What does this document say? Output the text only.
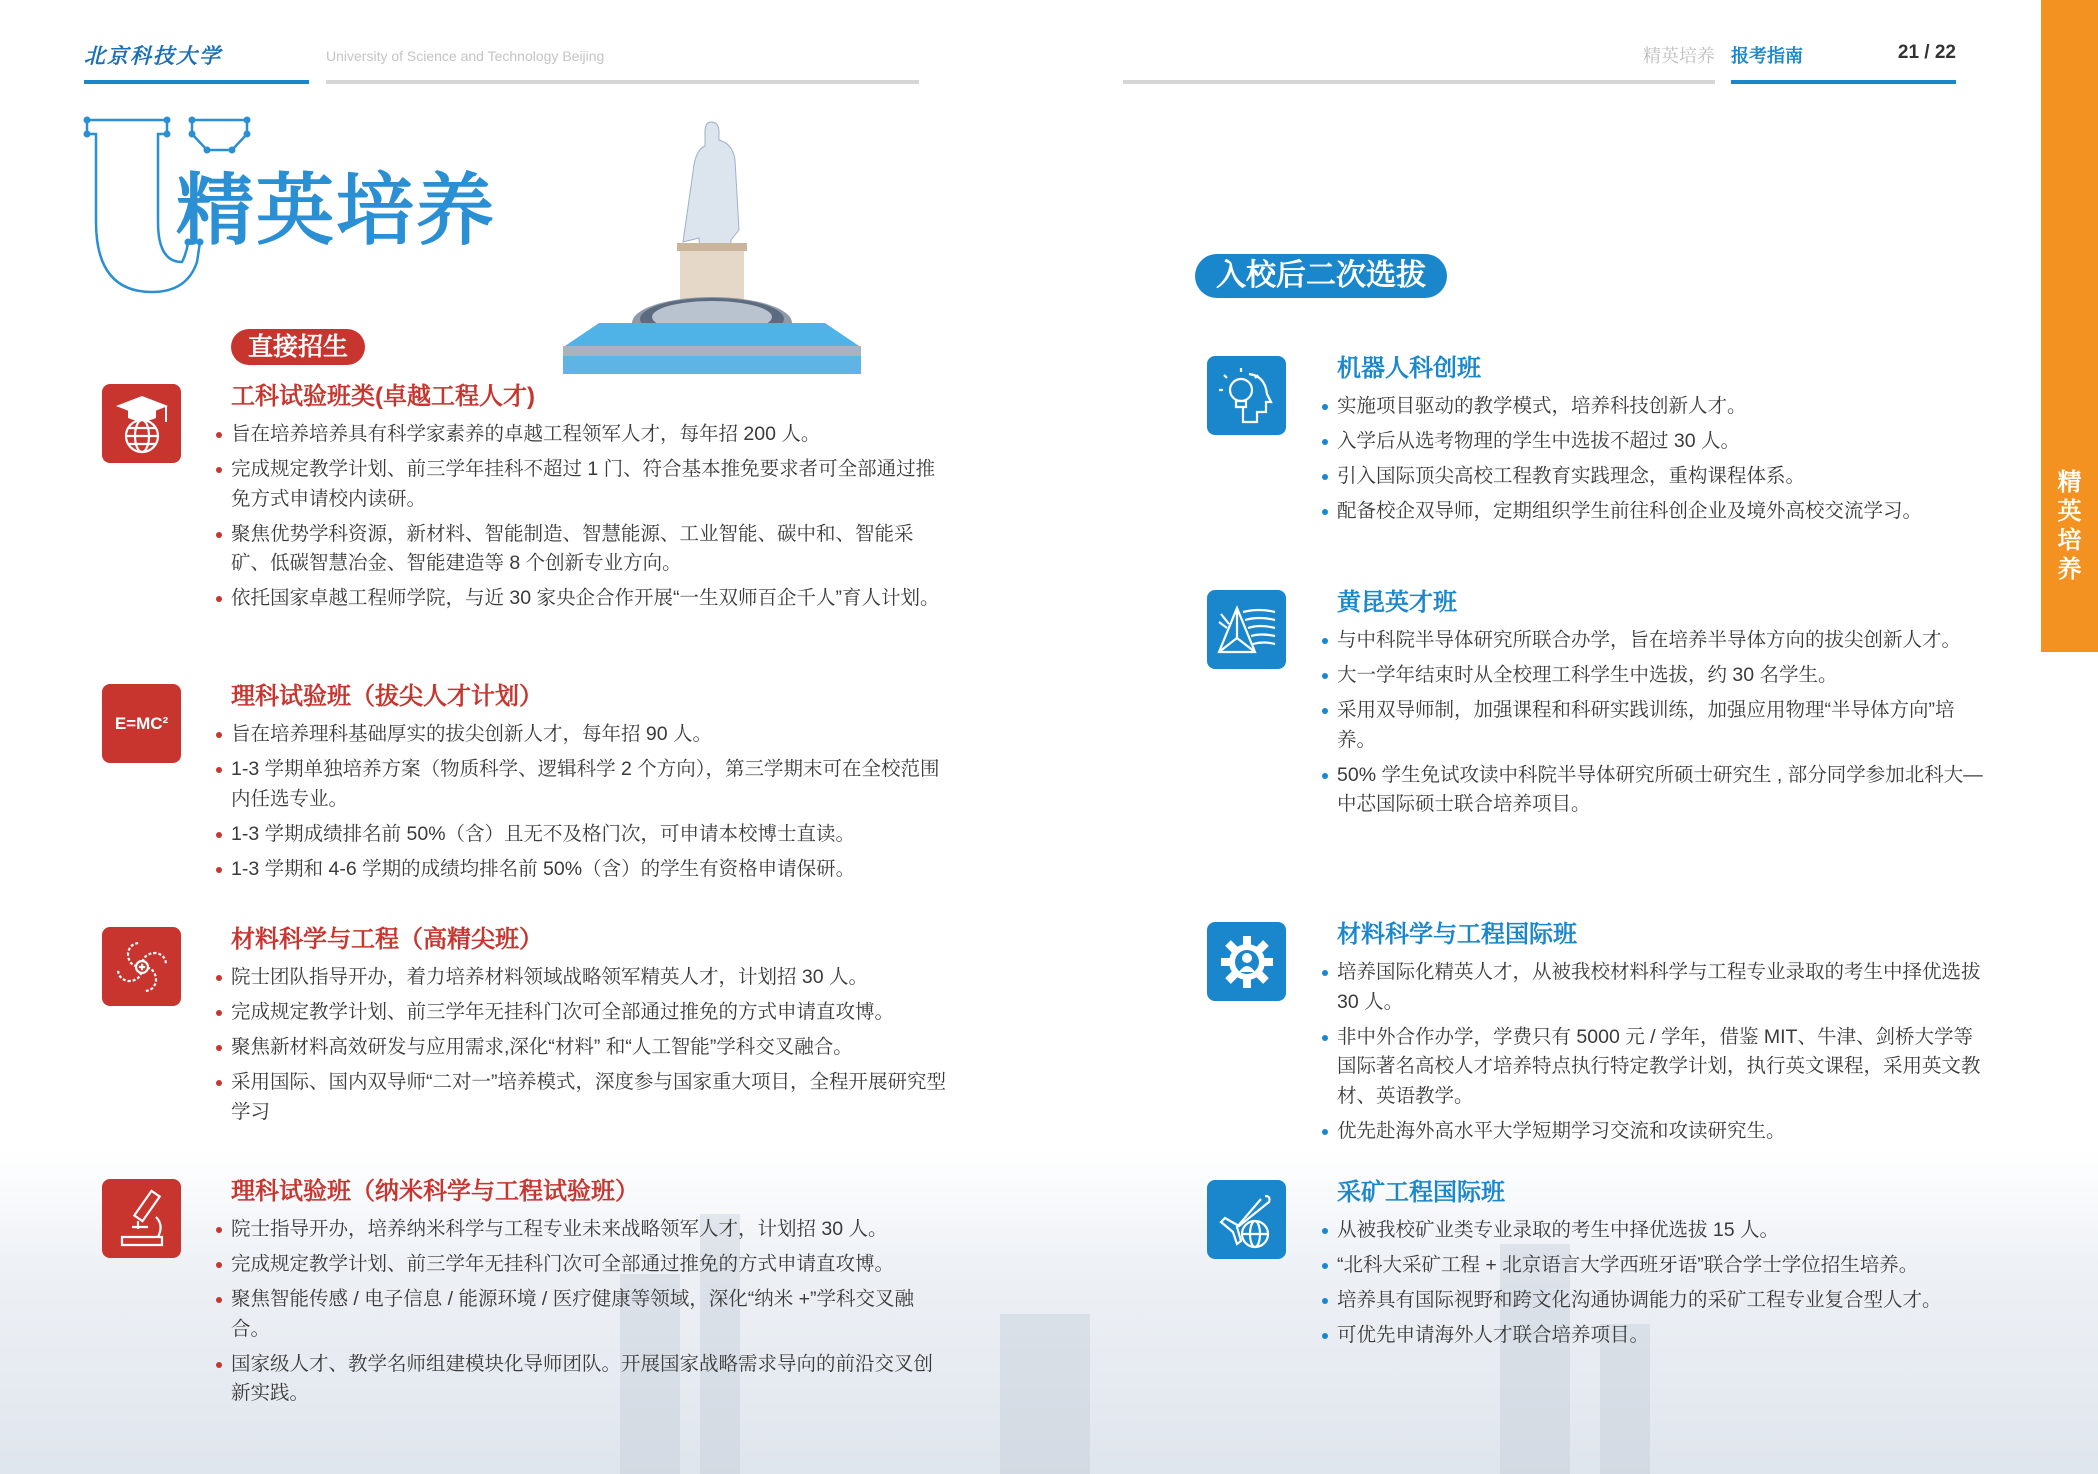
北京科技大学	University of Science and Technology Beijing	精英培养 报考指南	21 / 22
精
英
培
养
精英培养
直接招生
入校后二次选拔
工科试验班类(卓越工程人才)
旨在培养培养具有科学家素养的卓越工程领军人才，每年招 200 人。
完成规定教学计划、前三学年挂科不超过 1 门、符合基本推免要求者可全部通过推免方式申请校内读研。
聚焦优势学科资源，新材料、智能制造、智慧能源、工业智能、碳中和、智能采矿、低碳智慧冶金、智能建造等 8 个创新专业方向。
依托国家卓越工程师学院，与近 30 家央企合作开展“一生双师百企千人”育人计划。
E=MC²
理科试验班（拔尖人才计划）
旨在培养理科基础厚实的拔尖创新人才，每年招 90 人。
1-3 学期单独培养方案（物质科学、逻辑科学 2 个方向），第三学期末可在全校范围内任选专业。
1-3 学期成绩排名前 50%（含）且无不及格门次，可申请本校博士直读。
1-3 学期和 4-6 学期的成绩均排名前 50%（含）的学生有资格申请保研。
材料科学与工程（高精尖班）
院士团队指导开办，着力培养材料领域战略领军精英人才，计划招 30 人。
完成规定教学计划、前三学年无挂科门次可全部通过推免的方式申请直攻博。
聚焦新材料高效研发与应用需求,深化“材料” 和“人工智能”学科交叉融合。
采用国际、国内双导师“二对一”培养模式，深度参与国家重大项目，全程开展研究型学习
理科试验班（纳米科学与工程试验班）
院士指导开办，培养纳米科学与工程专业未来战略领军人才，计划招 30 人。
完成规定教学计划、前三学年无挂科门次可全部通过推免的方式申请直攻博。
聚焦智能传感 / 电子信息 / 能源环境 / 医疗健康等领域，深化“纳米 +”学科交叉融合。
国家级人才、教学名师组建模块化导师团队。开展国家战略需求导向的前沿交叉创新实践。
机器人科创班
实施项目驱动的教学模式，培养科技创新人才。
入学后从选考物理的学生中选拔不超过 30 人。
引入国际顶尖高校工程教育实践理念，重构课程体系。
配备校企双导师，定期组织学生前往科创企业及境外高校交流学习。
黄昆英才班
与中科院半导体研究所联合办学，旨在培养半导体方向的拔尖创新人才。
大一学年结束时从全校理工科学生中选拔，约 30 名学生。
采用双导师制，加强课程和科研实践训练，加强应用物理“半导体方向”培养。
50% 学生免试攻读中科院半导体研究所硕士研究生 , 部分同学参加北科大—中芯国际硕士联合培养项目。
材料科学与工程国际班
培养国际化精英人才，从被我校材料科学与工程专业录取的考生中择优选拔 30 人。
非中外合作办学，学费只有 5000 元 / 学年，借鉴 MIT、牛津、剑桥大学等国际著名高校人才培养特点执行特定教学计划，执行英文课程，采用英文教材、英语教学。
优先赴海外高水平大学短期学习交流和攻读研究生。
采矿工程国际班
从被我校矿业类专业录取的考生中择优选拔 15 人。
“北科大采矿工程 + 北京语言大学西班牙语”联合学士学位招生培养。
培养具有国际视野和跨文化沟通协调能力的采矿工程专业复合型人才。
可优先申请海外人才联合培养项目。
